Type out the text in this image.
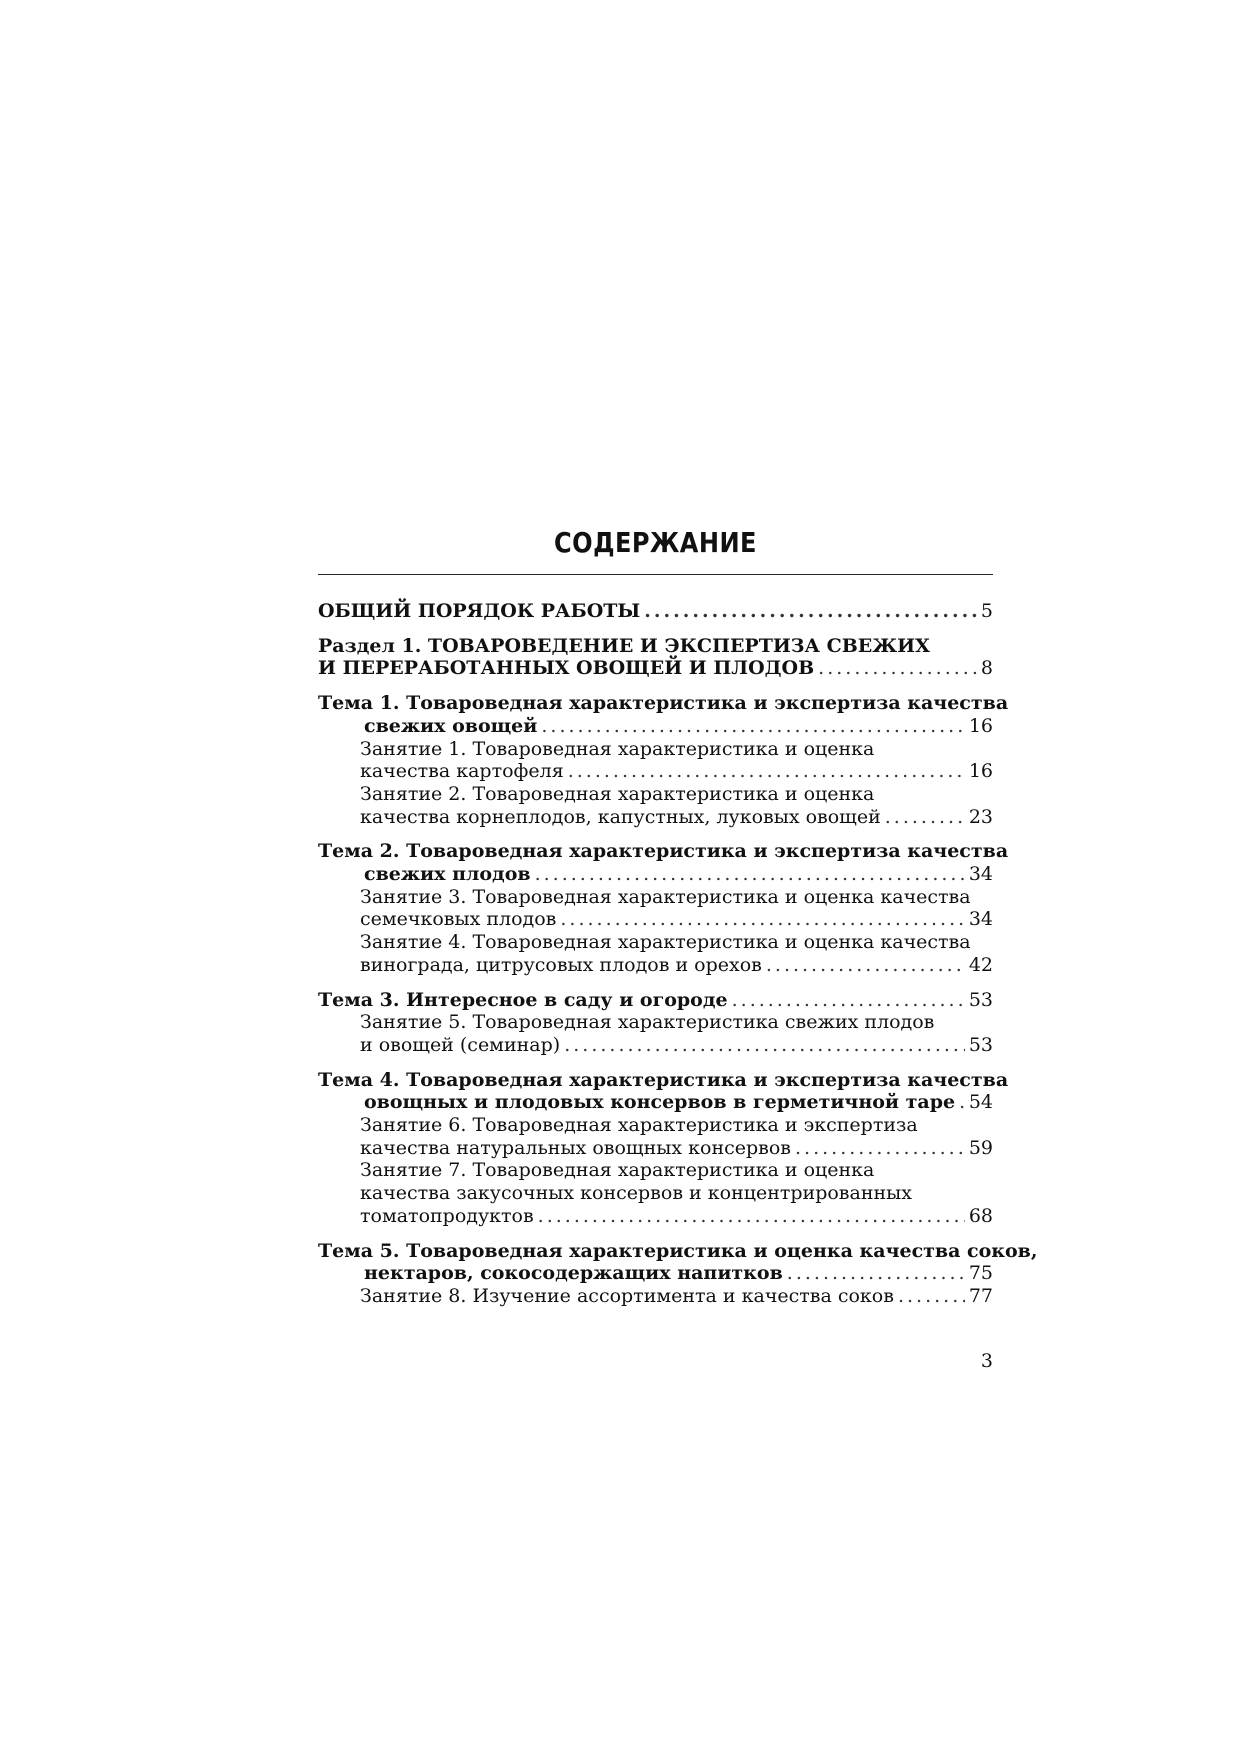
СОДЕРЖАНИЕ
ОБЩИЙ ПОРЯДОК РАБОТЫ .....	5
Раздел 1. ТОВАРОВЕДЕНИЕ И ЭКСПЕРТИЗА СВЕЖИХ
И ПЕРЕРАБОТАННЫХ ОВОЩЕЙ И ПЛОДОВ .....	8
Тема 1. Товароведная характеристика и экспертиза качества
свежих овощей .....	16
Занятие 1. Товароведная характеристика и оценка
качества картофеля .....	16
Занятие 2. Товароведная характеристика и оценка
качества корнеплодов, капустных, луковых овощей .....	23
Тема 2. Товароведная характеристика и экспертиза качества
свежих плодов .....	34
Занятие 3. Товароведная характеристика и оценка качества
семечковых плодов .....	34
Занятие 4. Товароведная характеристика и оценка качества
винограда, цитрусовых плодов и орехов .....	42
Тема 3. Интересное в саду и огороде .....	53
Занятие 5. Товароведная характеристика свежих плодов
и овощей (семинар) .....	53
Тема 4. Товароведная характеристика и экспертиза качества
овощных и плодовых консервов в герметичной таре ..... 54
Занятие 6. Товароведная характеристика и экспертиза
качества натуральных овощных консервов .....	59
Занятие 7. Товароведная характеристика и оценка
качества закусочных консервов и концентрированных
томатопродуктов .....	68
Тема 5. Товароведная характеристика и оценка качества соков,
нектаров, сокосодержащих напитков .....	75
Занятие 8. Изучение ассортимента и качества соков .....	77
3
